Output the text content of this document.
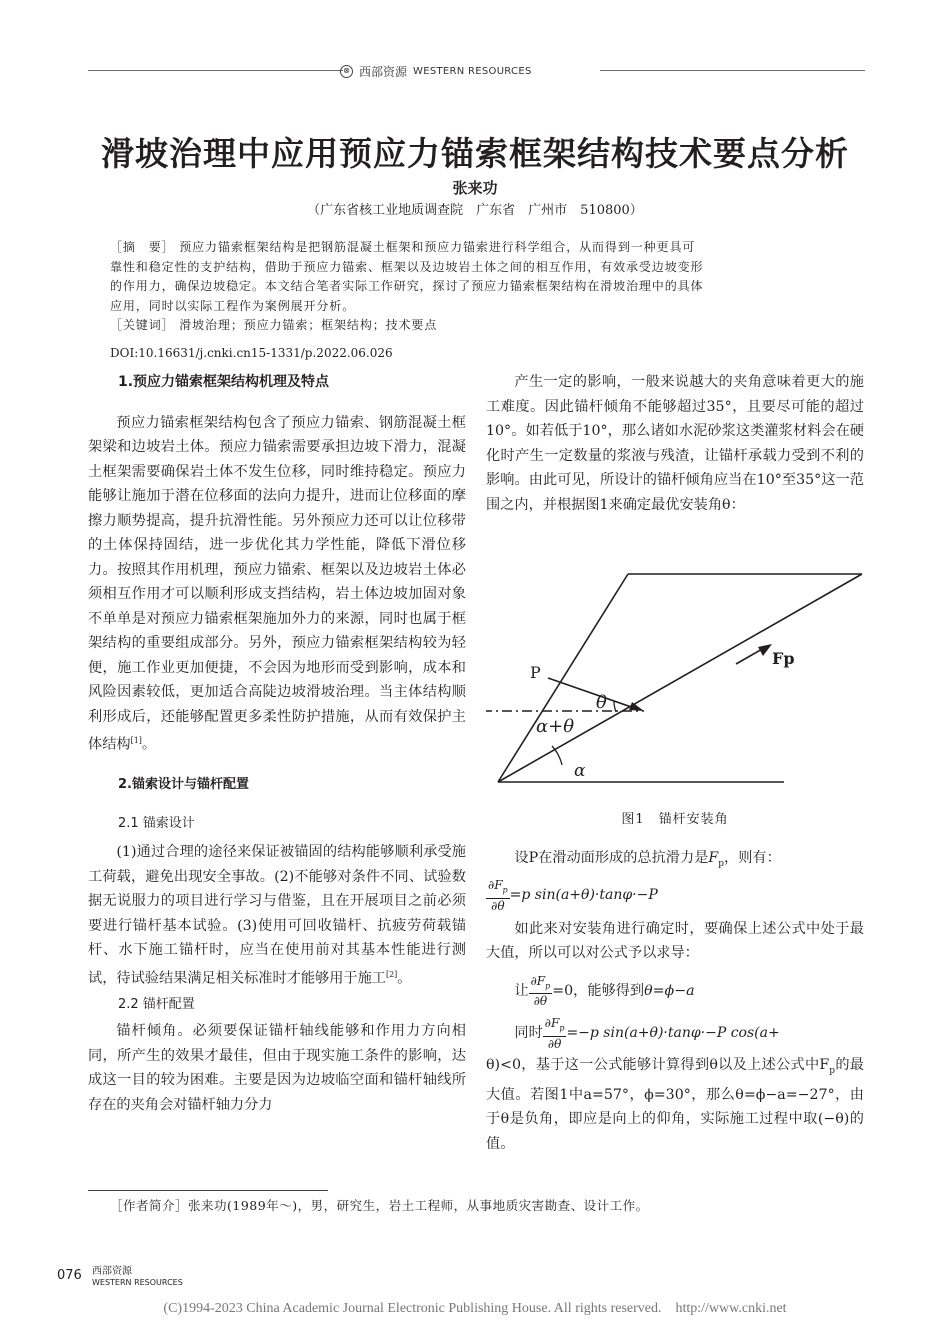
⊗ 西部资源 WESTERN RESOURCES
滑坡治理中应用预应力锚索框架结构技术要点分析
张来功
（广东省核工业地质调查院　广东省　广州市　510800）
［摘　要］ 预应力锚索框架结构是把钢筋混凝土框架和预应力锚索进行科学组合，从而得到一种更具可
靠性和稳定性的支护结构，借助于预应力锚索、框架以及边坡岩土体之间的相互作用，有效承受边坡变形
的作用力，确保边坡稳定。本文结合笔者实际工作研究，探讨了预应力锚索框架结构在滑坡治理中的具体
应用，同时以实际工程作为案例展开分析。
［关键词］ 滑坡治理；预应力锚索；框架结构；技术要点
DOI:10.16631/j.cnki.cn15-1331/p.2022.06.026
1.预应力锚索框架结构机理及特点
预应力锚索框架结构包含了预应力锚索、钢筋混凝土框架梁和边坡岩土体。预应力锚索需要承担边坡下滑力，混凝土框架需要确保岩土体不发生位移，同时维持稳定。预应力能够让施加于潜在位移面的法向力提升，进而让位移面的摩擦力顺势提高，提升抗滑性能。另外预应力还可以让位移带的土体保持固结，进一步优化其力学性能，降低下滑位移力。按照其作用机理，预应力锚索、框架以及边坡岩土体必须相互作用才可以顺利形成支挡结构，岩土体边坡加固对象不单单是对预应力锚索框架施加外力的来源，同时也属于框架结构的重要组成部分。另外，预应力锚索框架结构较为轻便，施工作业更加便捷，不会因为地形而受到影响，成本和风险因素较低，更加适合高陡边坡滑坡治理。当主体结构顺利形成后，还能够配置更多柔性防护措施，从而有效保护主体结构[1]。
2.锚索设计与锚杆配置
2.1 锚索设计
(1)通过合理的途径来保证被锚固的结构能够顺利承受施工荷载，避免出现安全事故。(2)不能够对条件不同、试验数据无说服力的项目进行学习与借鉴，且在开展项目之前必须要进行锚杆基本试验。(3)使用可回收锚杆、抗疲劳荷载锚杆、水下施工锚杆时，应当在使用前对其基本性能进行测试，待试验结果满足相关标准时才能够用于施工[2]。
2.2 锚杆配置
锚杆倾角。必须要保证锚杆轴线能够和作用力方向相同，所产生的效果才最佳，但由于现实施工条件的影响，达成这一目的较为困难。主要是因为边坡临空面和锚杆轴线所存在的夹角会对锚杆轴力分力
产生一定的影响，一般来说越大的夹角意味着更大的施工难度。因此锚杆倾角不能够超过35°，且要尽可能的超过10°。如若低于10°，那么诸如水泥砂浆这类灌浆材料会在硬化时产生一定数量的浆液与残渣，让锚杆承载力受到不利的影响。由此可见，所设计的锚杆倾角应当在10°至35°这一范围之内，并根据图1来确定最优安装角θ：
P
Fp
θ
α+θ
α
图1　锚杆安装角
设P在滑动面形成的总抗滑力是$F_p$，则有：
$\frac{\partial F_p}{\partial\theta} =p$ sin(a+θ)·tanφ·−P
如此来对安装角进行确定时，要确保上述公式中处于最大值，所以可以对公式予以求导：
让 $\frac{\partial F_p}{\partial\theta} =0$，能够得到θ=ϕ−a
同时 $\frac{\partial F_p}{\partial\theta} =-p$ sin(a+θ)·tanφ·−P cos(a+
θ)<0，基于这一公式能够计算得到θ以及上述公式中$F_p$的最大值。若图1中a=57°，ϕ=30°，那么θ=ϕ−a=−27°，由于θ是负角，即应是向上的仰角，实际施工过程中取(−θ)的值。
［作者简介］张来功(1989年～)，男，研究生，岩土工程师，从事地质灾害勘查、设计工作。
076 西部资源
WESTERN RESOURCES
(C)1994-2023 China Academic Journal Electronic Publishing House. All rights reserved.　http://www.cnki.net
